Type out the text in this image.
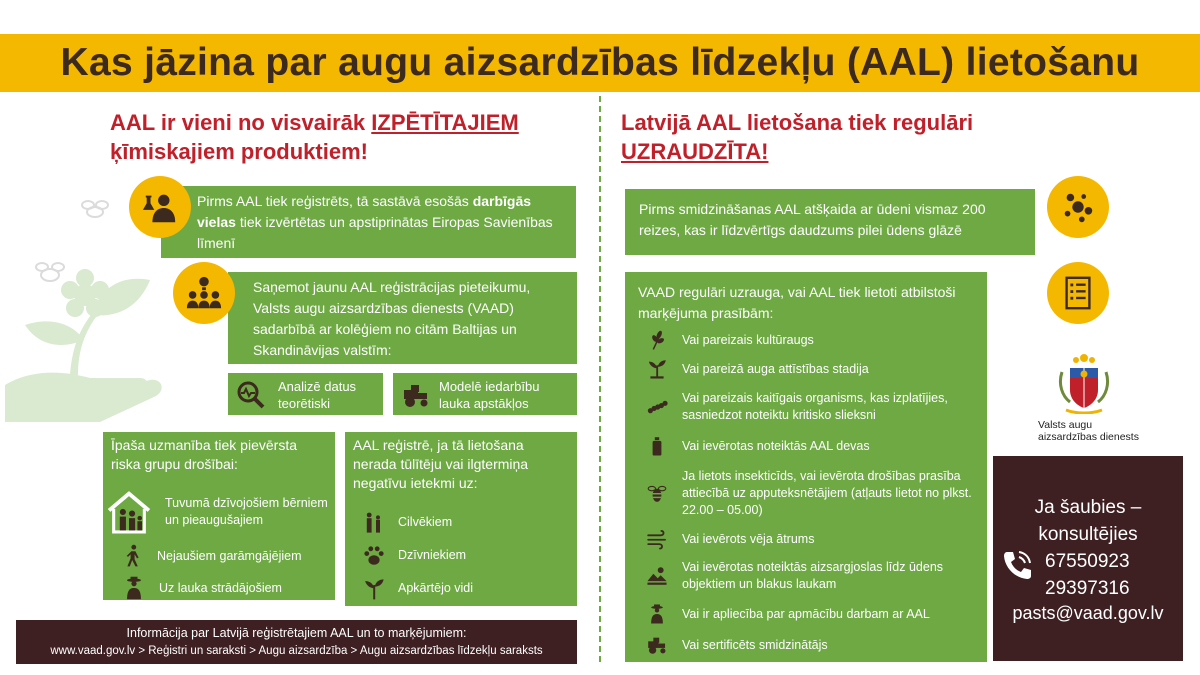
Kas jāzina par augu aizsardzības līdzekļu (AAL) lietošanu
AAL ir vieni no visvairāk IZPĒTĪTAJIEM
ķīmiskajiem produktiem!
Pirms AAL tiek reģistrēts, tā sastāvā esošās darbīgās vielas tiek izvērtētas un apstiprinātas Eiropas Savienības līmenī
Saņemot jaunu AAL reģistrācijas pieteikumu, Valsts augu aizsardzības dienests (VAAD) sadarbībā ar kolēģiem no citām Baltijas un Skandināvijas valstīm:
Analizē datus teorētiski
Modelē iedarbību lauka apstākļos
Īpaša uzmanība tiek pievērsta riska grupu drošībai:
Tuvumā dzīvojošiem bērniem un pieaugušajiem
Nejaušiem garāmgājējiem
Uz lauka strādājošiem
AAL reģistrē, ja tā lietošana nerada tūlītēju vai ilgtermiņa negatīvu ietekmi uz:
Cilvēkiem
Dzīvniekiem
Apkārtējo vidi
Informācija par Latvijā reģistrētajiem AAL un to marķējumiem:
www.vaad.gov.lv > Reģistri un saraksti > Augu aizsardzība > Augu aizsardzības līdzekļu saraksts
Latvijā AAL lietošana tiek regulāri
UZRAUDZĪTA!
Pirms smidzināšanas AAL atšķaida ar ūdeni vismaz 200 reizes, kas ir līdzvērtīgs daudzums pilei ūdens glāzē
VAAD regulāri uzrauga, vai AAL tiek lietoti atbilstoši marķējuma prasībām:
Vai pareizais kultūraugs
Vai pareizā auga attīstības stadija
Vai pareizais kaitīgais organisms, kas izplatījies, sasniedzot noteiktu kritisko slieksni
Vai ievērotas noteiktās AAL devas
Ja lietots insekticīds, vai ievērota drošības prasība attiecībā uz apputeksnētājiem (atļauts lietot no plkst. 22.00 – 05.00)
Vai ievērots vēja ātrums
Vai ievērotas noteiktās aizsargjoslas līdz ūdens objektiem un blakus laukam
Vai ir apliecība par apmācību darbam ar AAL
Vai sertificēts smidzinātājs
Valsts augu
aizsardzības dienests
Ja šaubies –
konsultējies
67550923
29397316
pasts@vaad.gov.lv
